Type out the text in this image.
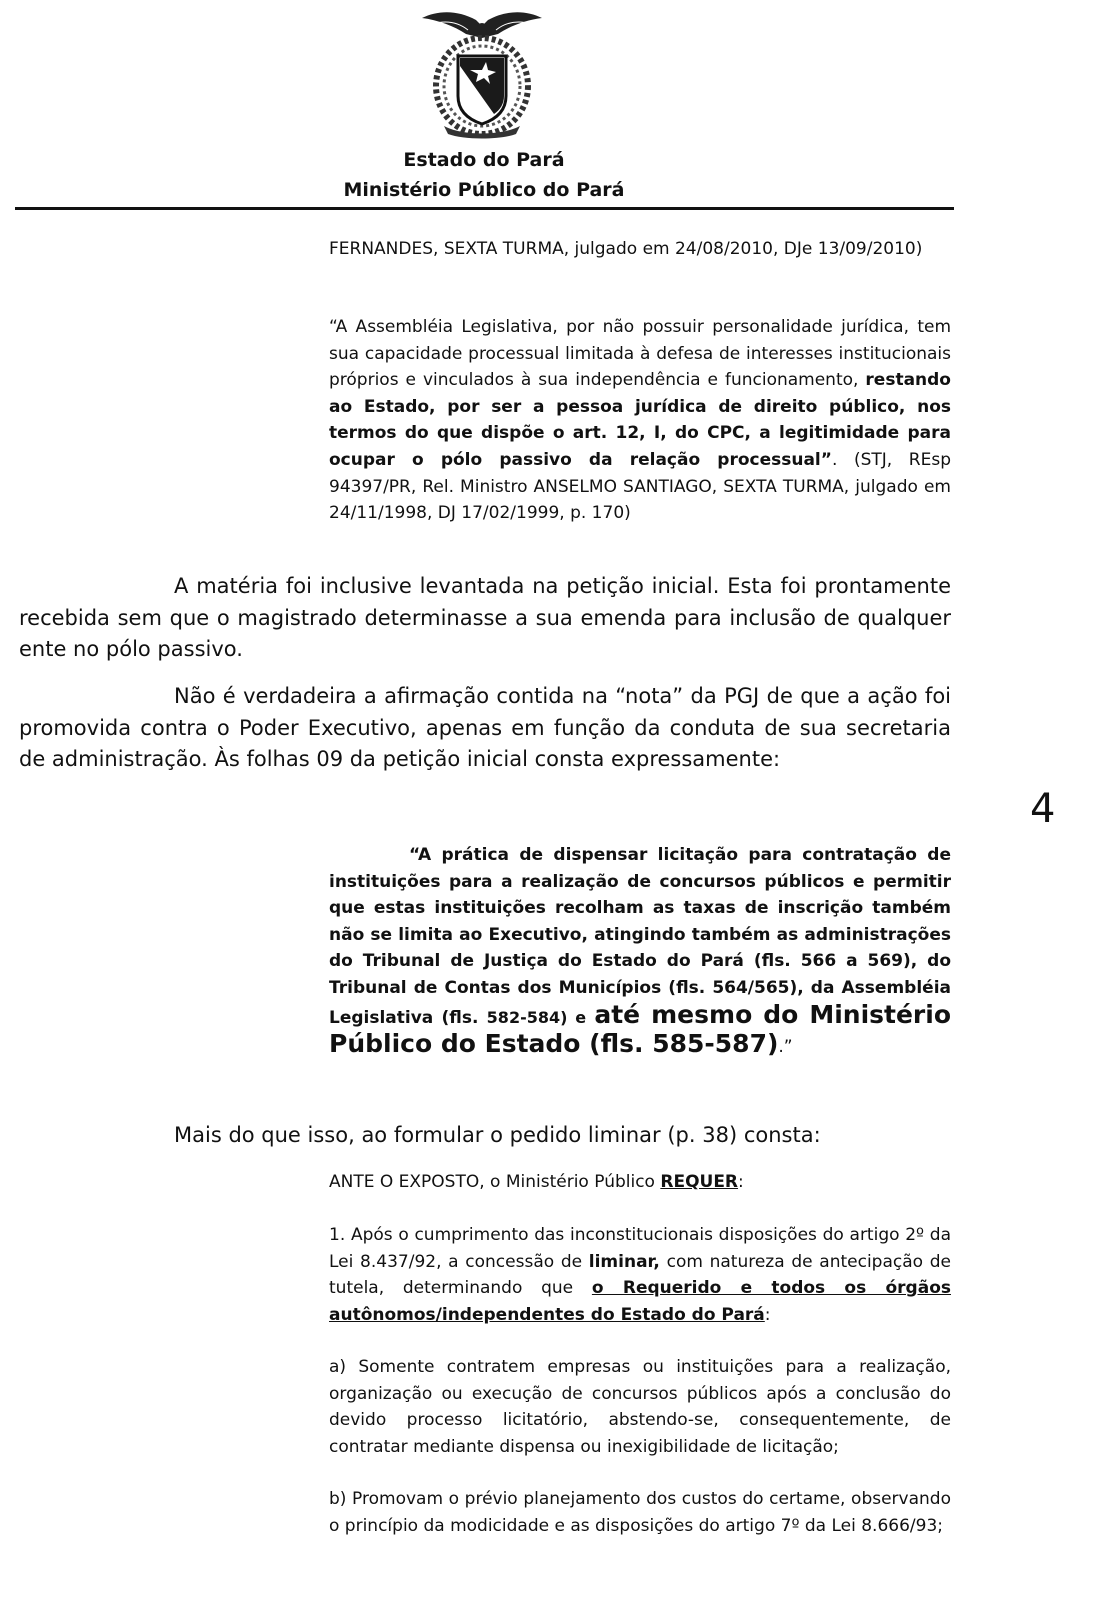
Estado do Pará
Ministério Público do Pará

FERNANDES, SEXTA TURMA, julgado em 24/08/2010, DJe 13/09/2010)

“A Assembléia Legislativa, por não possuir personalidade jurídica, tem sua capacidade processual limitada à defesa de interesses institucionais próprios e vinculados à sua independência e funcionamento, restando ao Estado, por ser a pessoa jurídica de direito público, nos termos do que dispõe o art. 12, I, do CPC, a legitimidade para ocupar o pólo passivo da relação processual”. (STJ, REsp 94397/PR, Rel. Ministro ANSELMO SANTIAGO, SEXTA TURMA, julgado em 24/11/1998, DJ 17/02/1999, p. 170)

A matéria foi inclusive levantada na petição inicial. Esta foi prontamente recebida sem que o magistrado determinasse a sua emenda para inclusão de qualquer ente no pólo passivo.

Não é verdadeira a afirmação contida na “nota” da PGJ de que a ação foi promovida contra o Poder Executivo, apenas em função da conduta de sua secretaria de administração. Às folhas 09 da petição inicial consta expressamente:

4

“A prática de dispensar licitação para contratação de instituições para a realização de concursos públicos e permitir que estas instituições recolham as taxas de inscrição também não se limita ao Executivo, atingindo também as administrações do Tribunal de Justiça do Estado do Pará (fls. 566 a 569), do Tribunal de Contas dos Municípios (fls. 564/565), da Assembléia Legislativa (fls. 582-584) e até mesmo do Ministério Público do Estado (fls. 585-587).”

Mais do que isso, ao formular o pedido liminar (p. 38) consta:

ANTE O EXPOSTO, o Ministério Público REQUER:

1. Após o cumprimento das inconstitucionais disposições do artigo 2º da Lei 8.437/92, a concessão de liminar, com natureza de antecipação de tutela, determinando que o Requerido e todos os órgãos autônomos/independentes do Estado do Pará:

a) Somente contratem empresas ou instituições para a realização, organização ou execução de concursos públicos após a conclusão do devido processo licitatório, abstendo-se, consequentemente, de contratar mediante dispensa ou inexigibilidade de licitação;

b) Promovam o prévio planejamento dos custos do certame, observando o princípio da modicidade e as disposições do artigo 7º da Lei 8.666/93;
